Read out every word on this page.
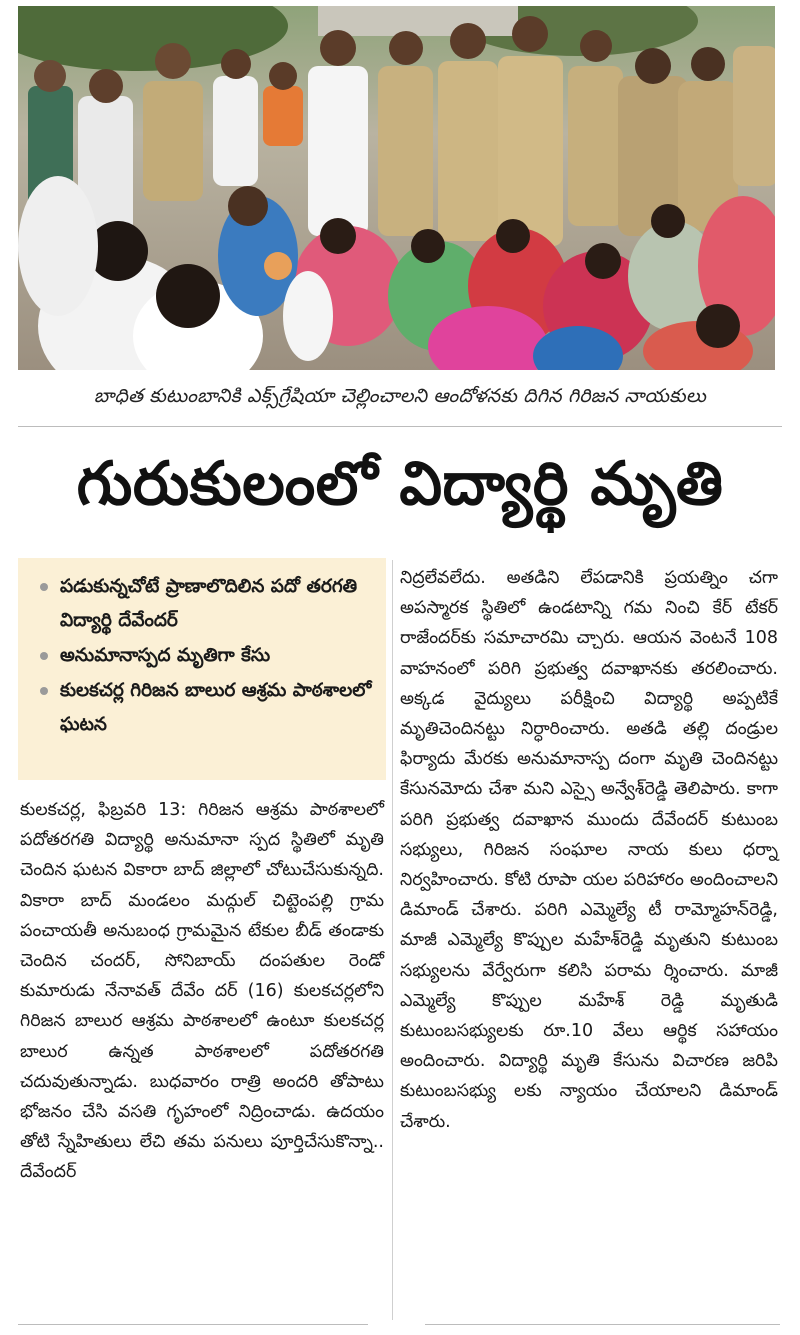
బాధిత కుటుంబానికి ఎక్స్‌గ్రేషియా చెల్లించాలని ఆందోళనకు దిగిన గిరిజన నాయకులు
గురుకులంలో విద్యార్థి మృతి
పడుకున్నచోటే ప్రాణాలొదిలిన పదో తరగతి విద్యార్థి దేవేందర్
అనుమానాస్పద మృతిగా కేసు
కులకచర్ల గిరిజన బాలుర ఆశ్రమ పాఠశాలలో ఘటన
కులకచర్ల, ఫిబ్రవరి 13: గిరిజన ఆశ్రమ పాఠశాలలో పదోతరగతి విద్యార్థి అనుమానా స్పద స్థితిలో మృతి చెందిన ఘటన వికారా బాద్ జిల్లాలో చోటుచేసుకున్నది. వికారా బాద్ మండలం మద్గుల్ చిట్టెంపల్లి గ్రామ పంచాయతీ అనుబంధ గ్రామమైన టేకుల బీడ్ తండాకు చెందిన చందర్, సోనిబాయ్ దంపతుల రెండో కుమారుడు నేనావత్ దేవేం దర్ (16) కులకచర్లలోని గిరిజన బాలుర ఆశ్రమ పాఠశాలలో ఉంటూ కులకచర్ల బాలుర ఉన్నత పాఠశాలలో పదోతరగతి చదువుతున్నాడు. బుధవారం రాత్రి అందరి తోపాటు భోజనం చేసి వసతి గృహంలో నిద్రించాడు. ఉదయం తోటి స్నేహితులు లేచి తమ పనులు పూర్తిచేసుకొన్నా.. దేవేందర్
నిద్రలేవలేదు. అతడిని లేపడానికి ప్రయత్నిం చగా అపస్మారక స్థితిలో ఉండటాన్ని గమ నించి కేర్ టేకర్ రాజేందర్‌కు సమాచారమి చ్చారు. ఆయన వెంటనే 108 వాహనంలో పరిగి ప్రభుత్వ దవాఖానకు తరలించారు. అక్కడ వైద్యులు పరీక్షించి విద్యార్థి అప్పటికే మృతిచెందినట్టు నిర్ధారించారు. అతడి తల్లి దండ్రుల ఫిర్యాదు మేరకు అనుమానాస్ప దంగా మృతి చెందినట్టు కేసునమోదు చేశా మని ఎస్సై అన్వేశ్‌రెడ్డి తెలిపారు. కాగా పరిగి ప్రభుత్వ దవాఖాన ముందు దేవేందర్ కుటుంబ సభ్యులు, గిరిజన సంఘాల నాయ కులు ధర్నా నిర్వహించారు. కోటి రూపా యల పరిహారం అందించాలని డిమాండ్ చేశారు. పరిగి ఎమ్మెల్యే టీ రామ్మోహన్‌రెడ్డి, మాజీ ఎమ్మెల్యే కొప్పుల మహేశ్‌రెడ్డి మృతుని కుటుంబ సభ్యులను వేర్వేరుగా కలిసి పరామ ర్శించారు. మాజీ ఎమ్మెల్యే కొప్పుల మహేశ్ రెడ్డి మృతుడి కుటుంబసభ్యులకు రూ.10 వేలు ఆర్థిక సహాయం అందించారు. విద్యార్థి మృతి కేసును విచారణ జరిపి కుటుంబసభ్యు లకు న్యాయం చేయాలని డిమాండ్ చేశారు.
